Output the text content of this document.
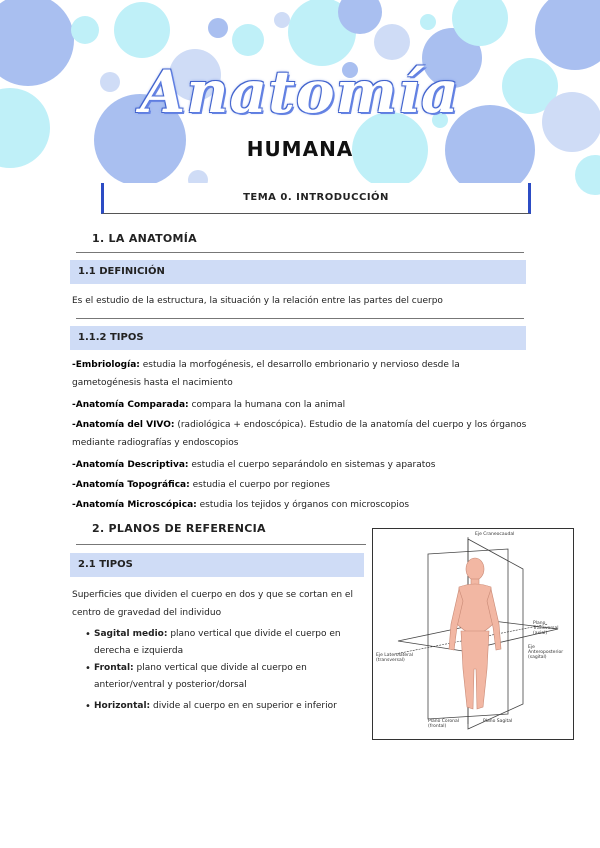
Anatomía
HUMANA
TEMA 0. INTRODUCCIÓN
1. LA ANATOMÍA
1.1 DEFINICIÓN
Es el estudio de la estructura, la situación y la relación entre las partes del cuerpo
1.1.2 TIPOS
-Embriología: estudia la morfogénesis, el desarrollo embrionario y nervioso desde la gametogénesis hasta el nacimiento
-Anatomía Comparada: compara la humana con la animal
-Anatomía del VIVO: (radiológica + endoscópica). Estudio de la anatomía del cuerpo y los órganos mediante radiografías y endoscopios
-Anatomía Descriptiva: estudia el cuerpo separándolo en sistemas y aparatos
-Anatomía Topográfica: estudia el cuerpo por regiones
-Anatomía Microscópica: estudia los tejidos y órganos con microscopios
2. PLANOS DE REFERENCIA
2.1 TIPOS
Superficies que dividen el cuerpo en dos y que se cortan en el centro de gravedad del individuo
• Sagital medio: plano vertical que divide el cuerpo en derecha e izquierda
• Frontal: plano vertical que divide al cuerpo en anterior/ventral y posterior/dorsal
• Horizontal: divide al cuerpo en en superior e inferior
Eje Craneocaudal
Plano Transversal (axial)
Eje Laterolateral (transversal)
Eje Anteroposterior (sagital)
Plano Coronal (frontal)
Plano Sagital
